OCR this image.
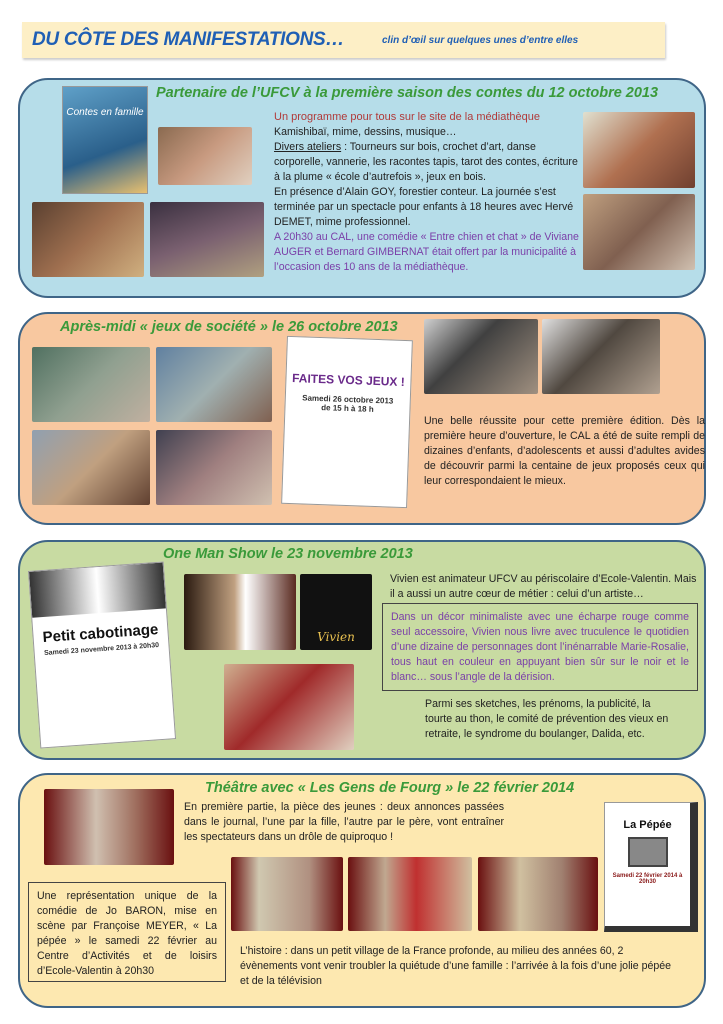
DU CÔTE DES MANIFESTATIONS…	clin d’œil sur quelques unes d’entre elles
Contes en famille
Partenaire de l’UFCV à la première saison des contes du 12 octobre 2013
Un programme pour tous sur le site de la médiathèque
Kamishibaï, mime, dessins, musique…
Divers ateliers : Tourneurs sur bois, crochet d’art, danse corporelle, vannerie, les racontes tapis, tarot des contes, écriture à la plume « école d’autrefois », jeux en bois.
En présence d’Alain GOY, forestier conteur. La journée s’est terminée par un spectacle pour enfants à 18 heures avec Hervé DEMET, mime professionnel.
A 20h30 au CAL, une comédie « Entre chien et chat » de Viviane AUGER et Bernard GIMBERNAT était offert par la municipalité à l’occasion des 10 ans de la médiathèque.
Après-midi « jeux de société » le 26 octobre 2013
FAITES VOS JEUX !
Samedi 26 octobre 2013
de 15 h à 18 h
Une belle réussite pour cette première édition. Dès la première heure d’ouverture, le CAL a été de suite rempli de dizaines d’enfants, d’adolescents et aussi d’adultes avides de découvrir parmi la centaine de jeux proposés ceux qui leur correspondaient le mieux.
One Man Show le 23 novembre 2013
Petit cabotinage
Samedi 23 novembre 2013 à 20h30
Vivien
Vivien est animateur UFCV au périscolaire d’Ecole-Valentin. Mais il a aussi un autre cœur de métier : celui d’un artiste…
Dans un décor minimaliste avec une écharpe rouge comme seul accessoire, Vivien nous livre avec truculence le quotidien d’une dizaine de personnages dont l’inénarrable Marie-Rosalie, tous haut en couleur en appuyant bien sûr sur le noir et le blanc… sous l’angle de la dérision.
Parmi ses sketches, les prénoms, la publicité, la tourte au thon, le comité de prévention des vieux en retraite, le syndrome du boulanger, Dalida, etc.
Théâtre avec « Les Gens de Fourg » le 22 février 2014
En première partie, la pièce des jeunes : deux annonces passées dans le journal, l’une par la fille, l’autre par le père, vont entraîner les spectateurs dans un drôle de quiproquo !
La Pépée
Samedi 22 février 2014 à 20h30
Une représentation unique de la comédie de Jo BARON, mise en scène par Françoise MEYER, « La pépée » le samedi 22 février au Centre d’Activités et de loisirs d’Ecole-Valentin à 20h30
L’histoire : dans un petit village de la France profonde, au milieu des années 60, 2 évènements vont venir troubler la quiétude d’une famille : l’arrivée à la fois d’une jolie pépée et de la télévision
